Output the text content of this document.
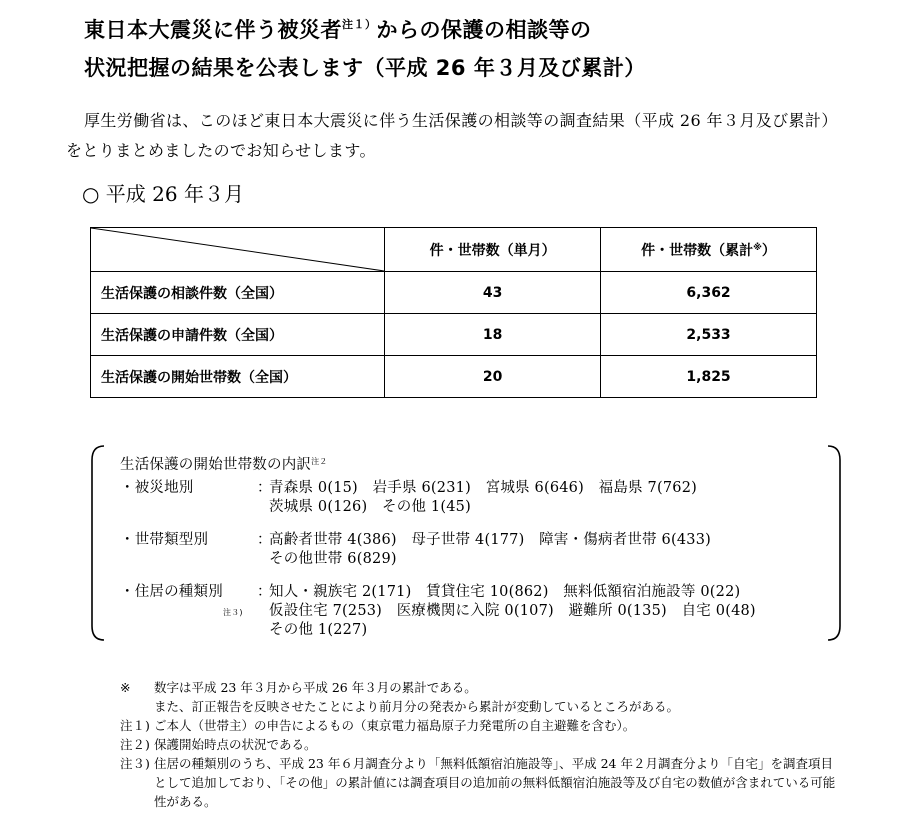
東日本大震災に伴う被災者$^{注1)}$からの保護の相談等の
状況把握の結果を公表します（平成 26 年３月及び累計）

厚生労働省は、このほど東日本大震災に伴う生活保護の相談等の調査結果（平成 26 年３月及び累計）をとりまとめましたのでお知らせします。

○ 平成 26 年３月
	件・世帯数（単月）	件・世帯数（累計※）
生活保護の相談件数（全国）	43	6,362
生活保護の申請件数（全国）	18	2,533
生活保護の開始世帯数（全国）	20	1,825

生活保護の開始世帯数の内訳$^{注2}$

・被災地別	：
青森県 0(15)　岩手県 6(231)　宮城県 6(646)　福島県 7(762)
茨城県 0(126)　その他 1(45)
・世帯類型別	：
高齢者世帯 4(386)　母子世帯 4(177)　障害・傷病者世帯 6(433)
その他世帯 6(829)
・住居の種類別
注３)
：
知人・親族宅 2(171)　賃貸住宅 10(862)　無料低額宿泊施設等 0(22)
仮設住宅 7(253)　医療機関に入院 0(107)　避難所 0(135)　自宅 0(48)
その他 1(227)
※ 数字は平成 23 年３月から平成 26 年３月の累計である。
また、訂正報告を反映させたことにより前月分の発表から累計が変動しているところがある。
注１) ご本人（世帯主）の申告によるもの（東京電力福島原子力発電所の自主避難を含む）。
注２) 保護開始時点の状況である。
注３) 住居の種類別のうち、平成 23 年６月調査分より「無料低額宿泊施設等」、平成 24 年２月調査分より「自宅」を調査項目として追加しており、「その他」の累計値には調査項目の追加前の無料低額宿泊施設等及び自宅の数値が含まれている可能性がある。
